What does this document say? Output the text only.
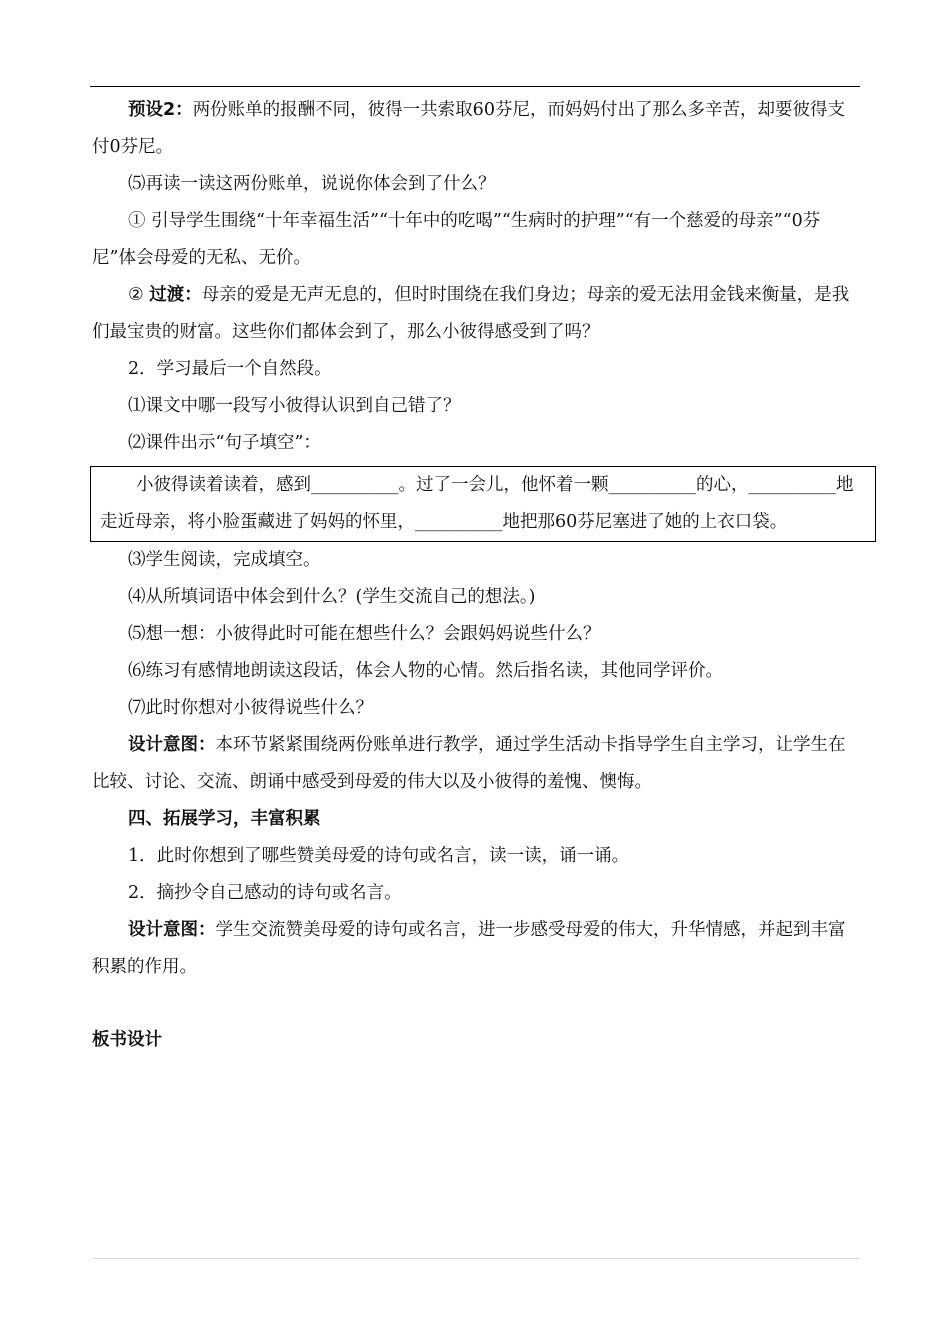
预设2：两份账单的报酬不同，彼得一共索取60芬尼，而妈妈付出了那么多辛苦，却要彼得支付0芬尼。

⑸再读一读这两份账单，说说你体会到了什么？

① 引导学生围绕“十年幸福生活”“十年中的吃喝”“生病时的护理”“有一个慈爱的母亲”“0芬尼”体会母爱的无私、无价。

② 过渡：母亲的爱是无声无息的，但时时围绕在我们身边；母亲的爱无法用金钱来衡量，是我们最宝贵的财富。这些你们都体会到了，那么小彼得感受到了吗？

2．学习最后一个自然段。

⑴课文中哪一段写小彼得认识到自己错了？

⑵课件出示“句子填空”：

小彼得读着读着，感到__________。过了一会儿，他怀着一颗__________的心，__________地走近母亲，将小脸蛋藏进了妈妈的怀里，__________地把那60芬尼塞进了她的上衣口袋。

⑶学生阅读，完成填空。

⑷从所填词语中体会到什么？(学生交流自己的想法。)

⑸想一想：小彼得此时可能在想些什么？会跟妈妈说些什么？

⑹练习有感情地朗读这段话，体会人物的心情。然后指名读，其他同学评价。

⑺此时你想对小彼得说些什么？

设计意图：本环节紧紧围绕两份账单进行教学，通过学生活动卡指导学生自主学习，让学生在比较、讨论、交流、朗诵中感受到母爱的伟大以及小彼得的羞愧、懊悔。

四、拓展学习，丰富积累

1．此时你想到了哪些赞美母爱的诗句或名言，读一读，诵一诵。

2．摘抄令自己感动的诗句或名言。

设计意图：学生交流赞美母爱的诗句或名言，进一步感受母爱的伟大，升华情感，并起到丰富积累的作用。

板书设计
